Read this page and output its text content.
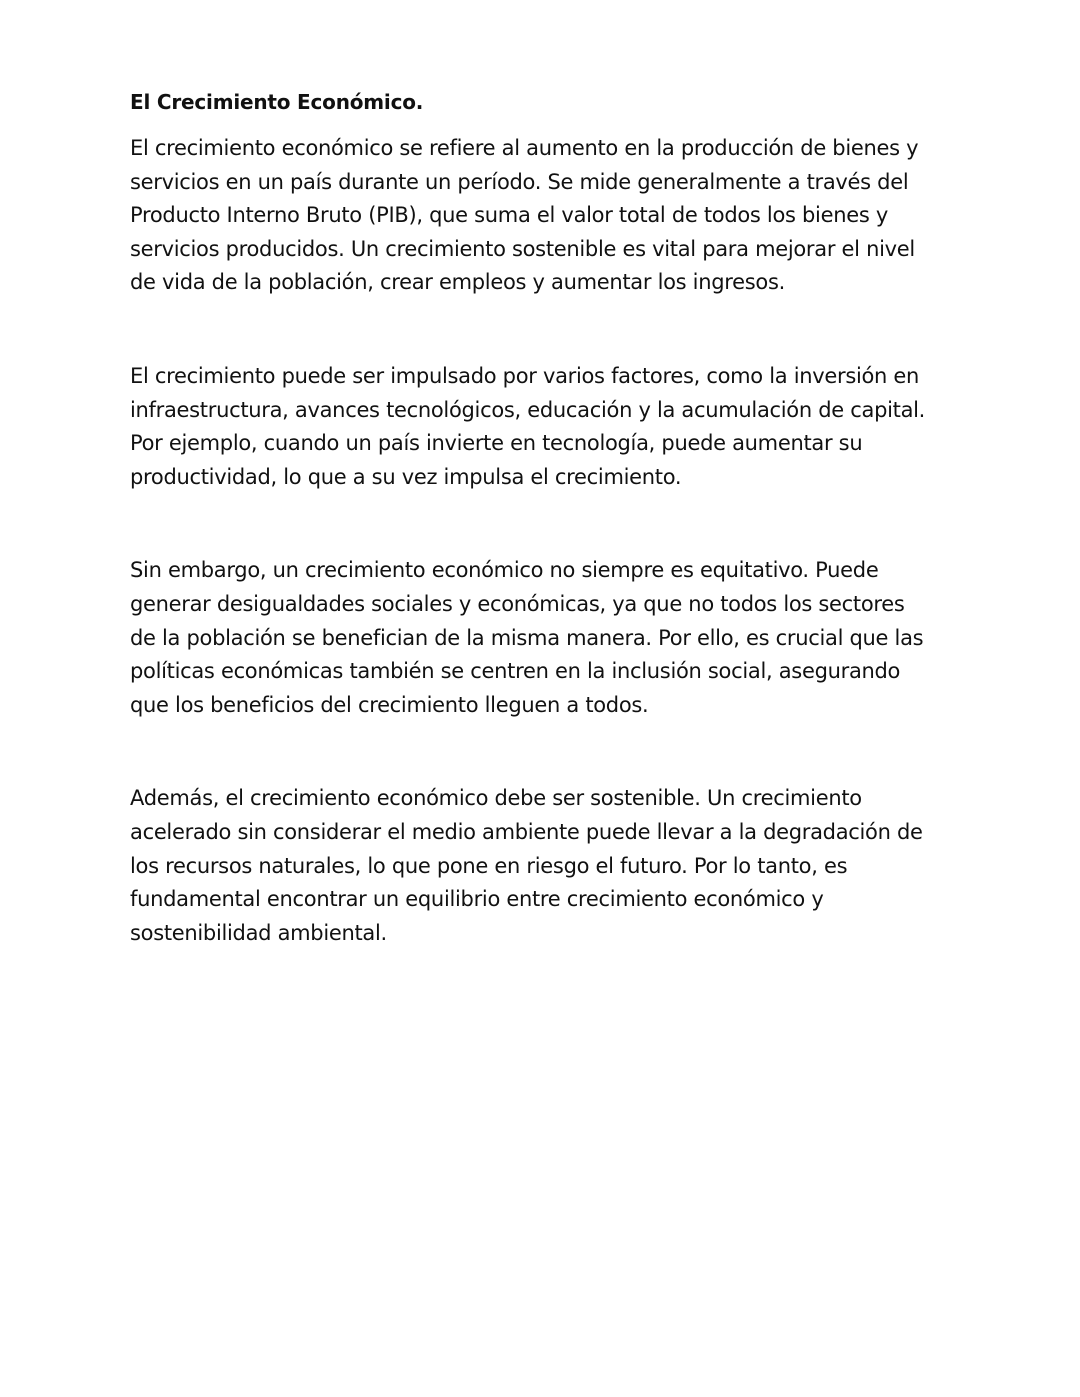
El Crecimiento Económico.

El crecimiento económico se refiere al aumento en la producción de bienes y servicios en un país durante un período. Se mide generalmente a través del Producto Interno Bruto (PIB), que suma el valor total de todos los bienes y servicios producidos. Un crecimiento sostenible es vital para mejorar el nivel de vida de la población, crear empleos y aumentar los ingresos.

El crecimiento puede ser impulsado por varios factores, como la inversión en infraestructura, avances tecnológicos, educación y la acumulación de capital. Por ejemplo, cuando un país invierte en tecnología, puede aumentar su productividad, lo que a su vez impulsa el crecimiento.

Sin embargo, un crecimiento económico no siempre es equitativo. Puede generar desigualdades sociales y económicas, ya que no todos los sectores de la población se benefician de la misma manera. Por ello, es crucial que las políticas económicas también se centren en la inclusión social, asegurando que los beneficios del crecimiento lleguen a todos.

Además, el crecimiento económico debe ser sostenible. Un crecimiento acelerado sin considerar el medio ambiente puede llevar a la degradación de los recursos naturales, lo que pone en riesgo el futuro. Por lo tanto, es fundamental encontrar un equilibrio entre crecimiento económico y sostenibilidad ambiental.
